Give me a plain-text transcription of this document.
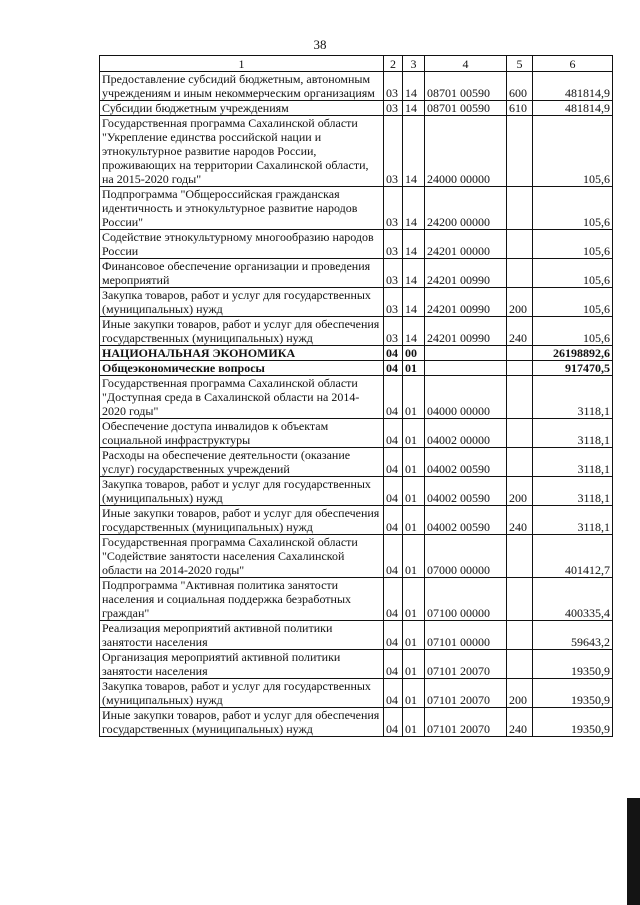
38
1	2	3	4	5	6
Предоставление субсидий бюджетным, автономным учреждениям и иным некоммерческим организациям	03	14	08701 00590	600	481814,9
Субсидии бюджетным учреждениям	03	14	08701 00590	610	481814,9
Государственная программа Сахалинской области "Укрепление единства российской нации и этнокультурное развитие народов России, проживающих на территории Сахалинской области, на 2015-2020 годы"	03	14	24000 00000		105,6
Подпрограмма "Общероссийская гражданская идентичность и этнокультурное развитие народов России"	03	14	24200 00000		105,6
Содействие этнокультурному многообразию народов России	03	14	24201 00000		105,6
Финансовое обеспечение организации и проведения мероприятий	03	14	24201 00990		105,6
Закупка товаров, работ и услуг для государственных (муниципальных) нужд	03	14	24201 00990	200	105,6
Иные закупки товаров, работ и услуг для обеспечения государственных (муниципальных) нужд	03	14	24201 00990	240	105,6
НАЦИОНАЛЬНАЯ ЭКОНОМИКА	04	00			26198892,6
Общеэкономические вопросы	04	01			917470,5
Государственная программа Сахалинской области "Доступная среда в Сахалинской области на 2014-2020 годы"	04	01	04000 00000		3118,1
Обеспечение доступа инвалидов к объектам социальной инфраструктуры	04	01	04002 00000		3118,1
Расходы на обеспечение деятельности (оказание услуг) государственных учреждений	04	01	04002 00590		3118,1
Закупка товаров, работ и услуг для государственных (муниципальных) нужд	04	01	04002 00590	200	3118,1
Иные закупки товаров, работ и услуг для обеспечения государственных (муниципальных) нужд	04	01	04002 00590	240	3118,1
Государственная программа Сахалинской области "Содействие занятости населения Сахалинской области на 2014-2020 годы"	04	01	07000 00000		401412,7
Подпрограмма "Активная политика занятости населения и социальная поддержка безработных граждан"	04	01	07100 00000		400335,4
Реализация мероприятий активной политики занятости населения	04	01	07101 00000		59643,2
Организация мероприятий активной политики занятости населения	04	01	07101 20070		19350,9
Закупка товаров, работ и услуг для государственных (муниципальных) нужд	04	01	07101 20070	200	19350,9
Иные закупки товаров, работ и услуг для обеспечения государственных (муниципальных) нужд	04	01	07101 20070	240	19350,9
